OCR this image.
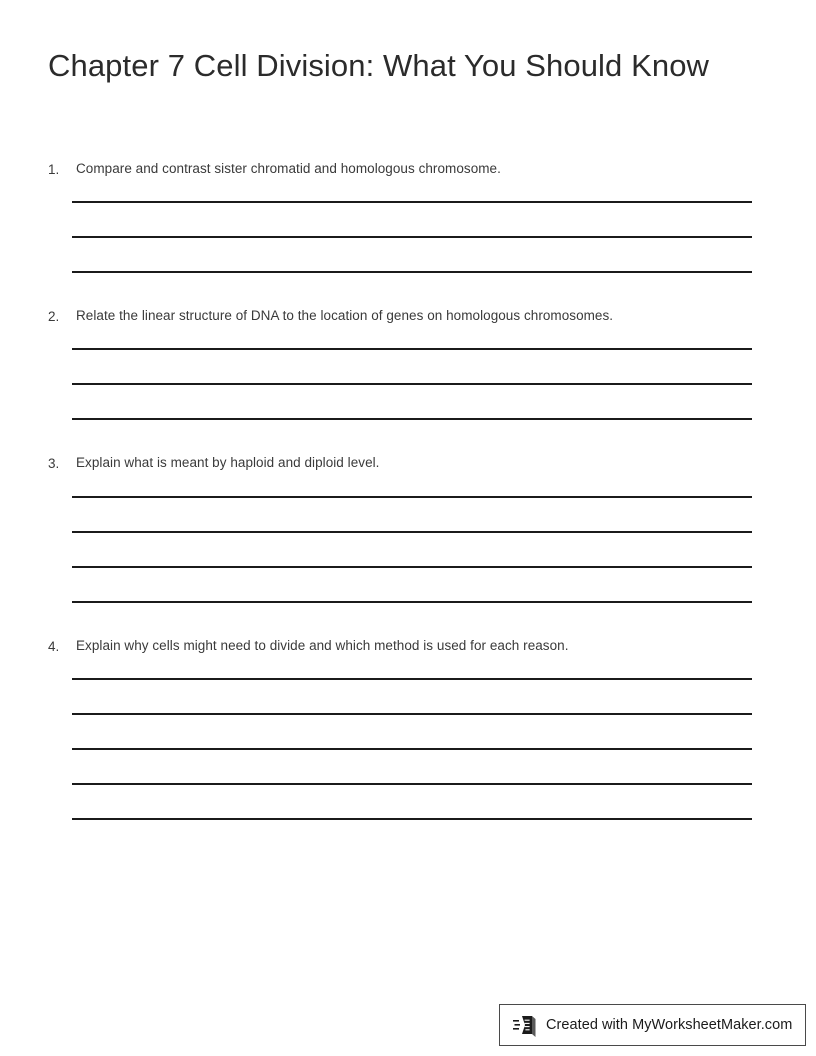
Chapter 7 Cell Division: What You Should Know
1.	Compare and contrast sister chromatid and homologous chromosome.
2.	Relate the linear structure of DNA to the location of genes on homologous chromosomes.
3.	Explain what is meant by haploid and diploid level.
4.	Explain why cells might need to divide and which method is used for each reason.
Created with MyWorksheetMaker.com
